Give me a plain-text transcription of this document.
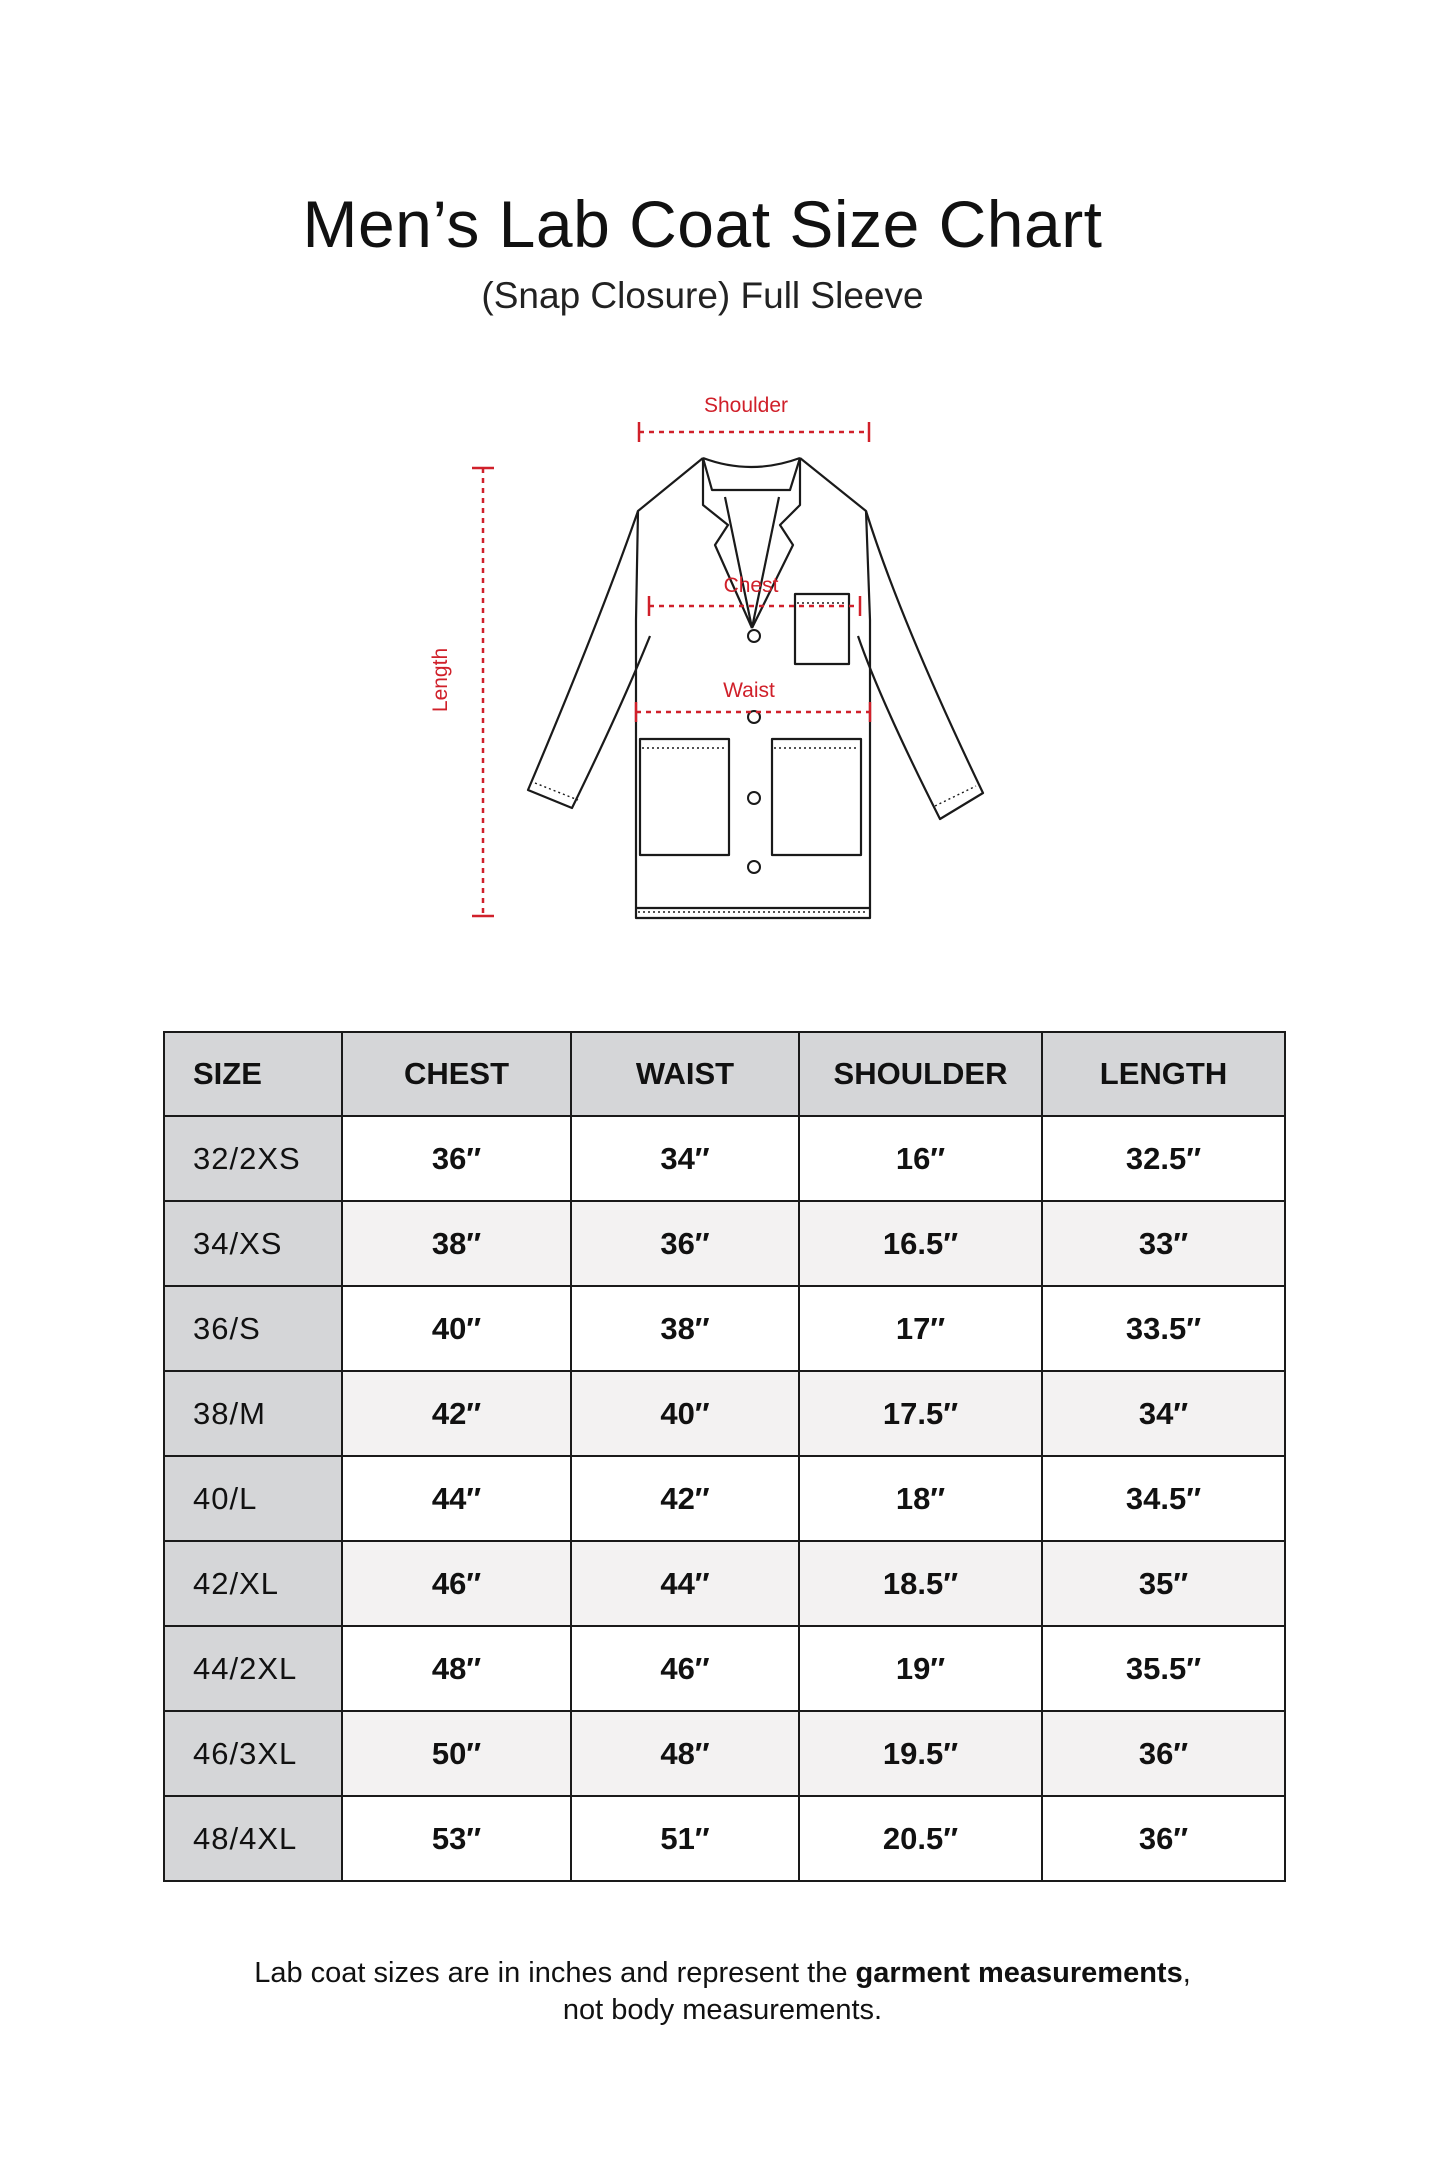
Men’s Lab Coat Size Chart
(Snap Closure) Full Sleeve
Shoulder
Chest
Waist
Length
SIZE	CHEST	WAIST	SHOULDER	LENGTH
32/2XS	36″	34″	16″	32.5″
34/XS	38″	36″	16.5″	33″
36/S	40″	38″	17″	33.5″
38/M	42″	40″	17.5″	34″
40/L	44″	42″	18″	34.5″
42/XL	46″	44″	18.5″	35″
44/2XL	48″	46″	19″	35.5″
46/3XL	50″	48″	19.5″	36″
48/4XL	53″	51″	20.5″	36″
Lab coat sizes are in inches and represent the garment measurements,
not body measurements.
